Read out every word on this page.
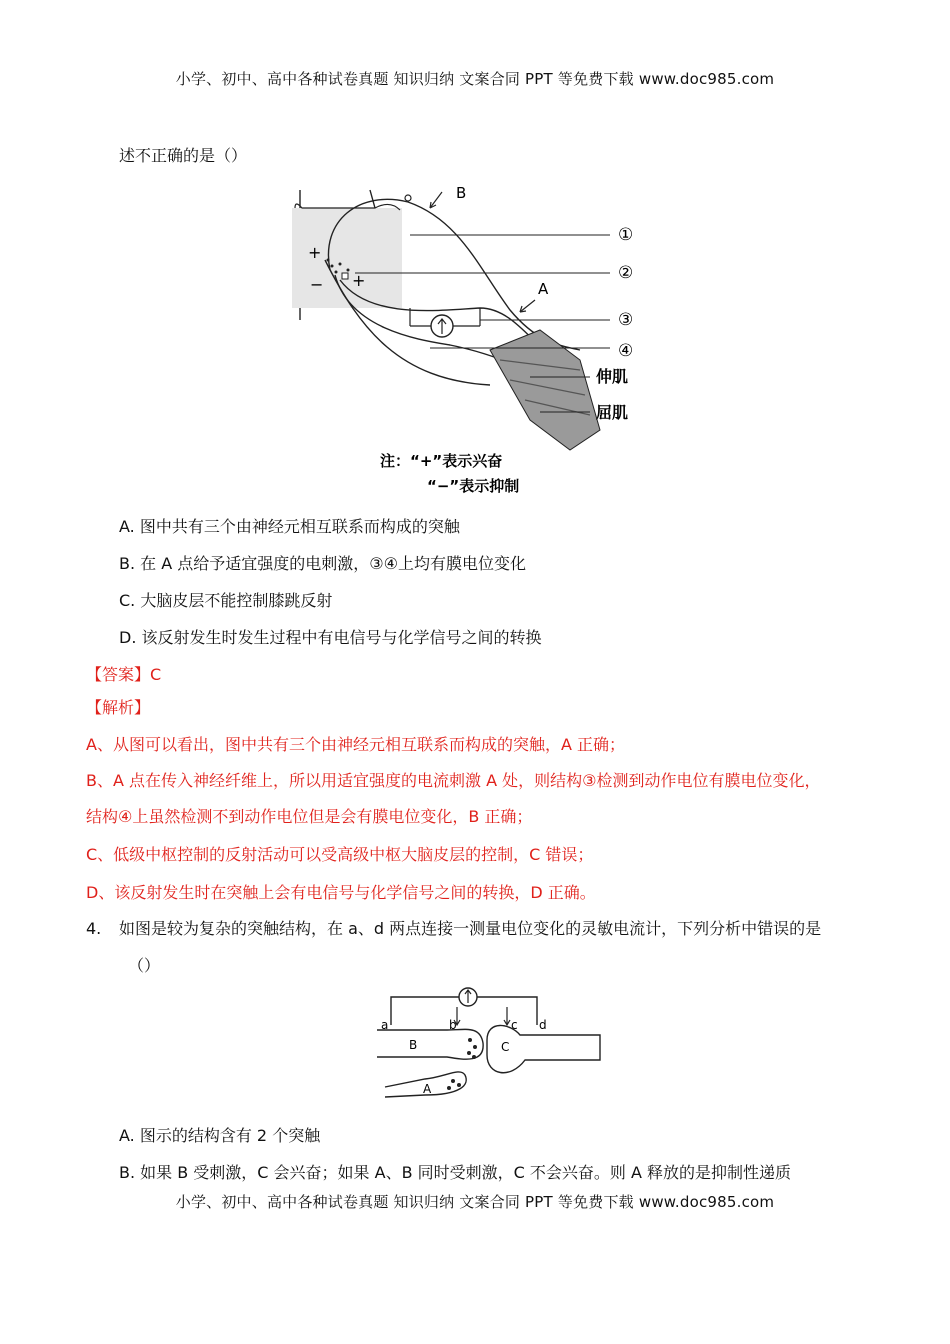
小学、初中、高中各种试卷真题 知识归纳 文案合同 PPT 等免费下载 www.doc985.com
述不正确的是（）
B
A
①
②
③
④
伸肌
屈肌
+
+
−
注：“+”表示兴奋
“−”表示抑制
A. 图中共有三个由神经元相互联系而构成的突触
B. 在 A 点给予适宜强度的电刺激，③④上均有膜电位变化
C. 大脑皮层不能控制膝跳反射
D. 该反射发生时发生过程中有电信号与化学信号之间的转换
【答案】C
【解析】
A、从图可以看出，图中共有三个由神经元相互联系而构成的突触，A 正确；
B、A 点在传入神经纤维上，所以用适宜强度的电流刺激 A 处，则结构③检测到动作电位有膜电位变化，
结构④上虽然检测不到动作电位但是会有膜电位变化，B 正确；
C、低级中枢控制的反射活动可以受高级中枢大脑皮层的控制，C 错误；
D、该反射发生时在突触上会有电信号与化学信号之间的转换，D 正确。
4. 如图是较为复杂的突触结构，在 a、d 两点连接一测量电位变化的灵敏电流计，下列分析中错误的是
（）
a	b	c d
B	C
A
A. 图示的结构含有 2 个突触
B. 如果 B 受刺激，C 会兴奋；如果 A、B 同时受刺激，C 不会兴奋。则 A 释放的是抑制性递质
小学、初中、高中各种试卷真题 知识归纳 文案合同 PPT 等免费下载 www.doc985.com
